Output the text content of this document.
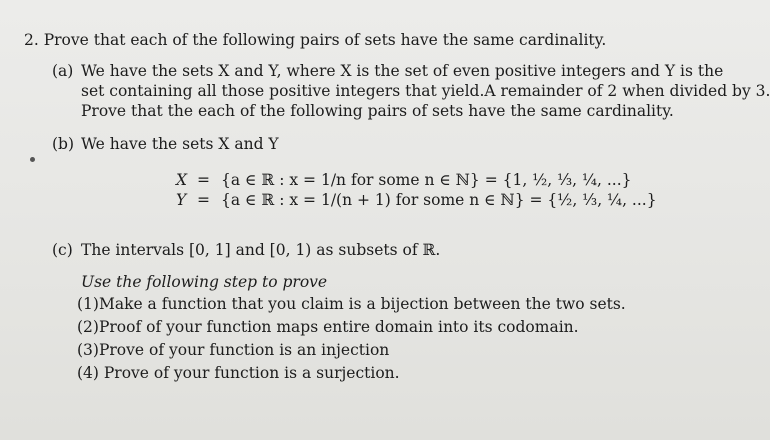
2. Prove that each of the following pairs of sets have the same cardinality.
(a) We have the sets X and Y, where X is the set of even positive integers and Y is the
set containing all those positive integers that yield.A remainder of 2 when divided by 3.
Prove that the each of the following pairs of sets have the same cardinality.
(b) We have the sets X and Y
X = {a ∈ ℝ : x = 1/n for some n ∈ ℕ} = {1, ½, ⅓, ¼, ...}
Y = {a ∈ ℝ : x = 1/(n + 1) for some n ∈ ℕ} = {½, ⅓, ¼, ...}
(c) The intervals [0, 1] and [0, 1) as subsets of ℝ.
Use the following step to prove
(1)Make a function that you claim is a bijection between the two sets.
(2)Proof of your function maps entire domain into its codomain.
(3)Prove of your function is an injection
(4) Prove of your function is a surjection.
